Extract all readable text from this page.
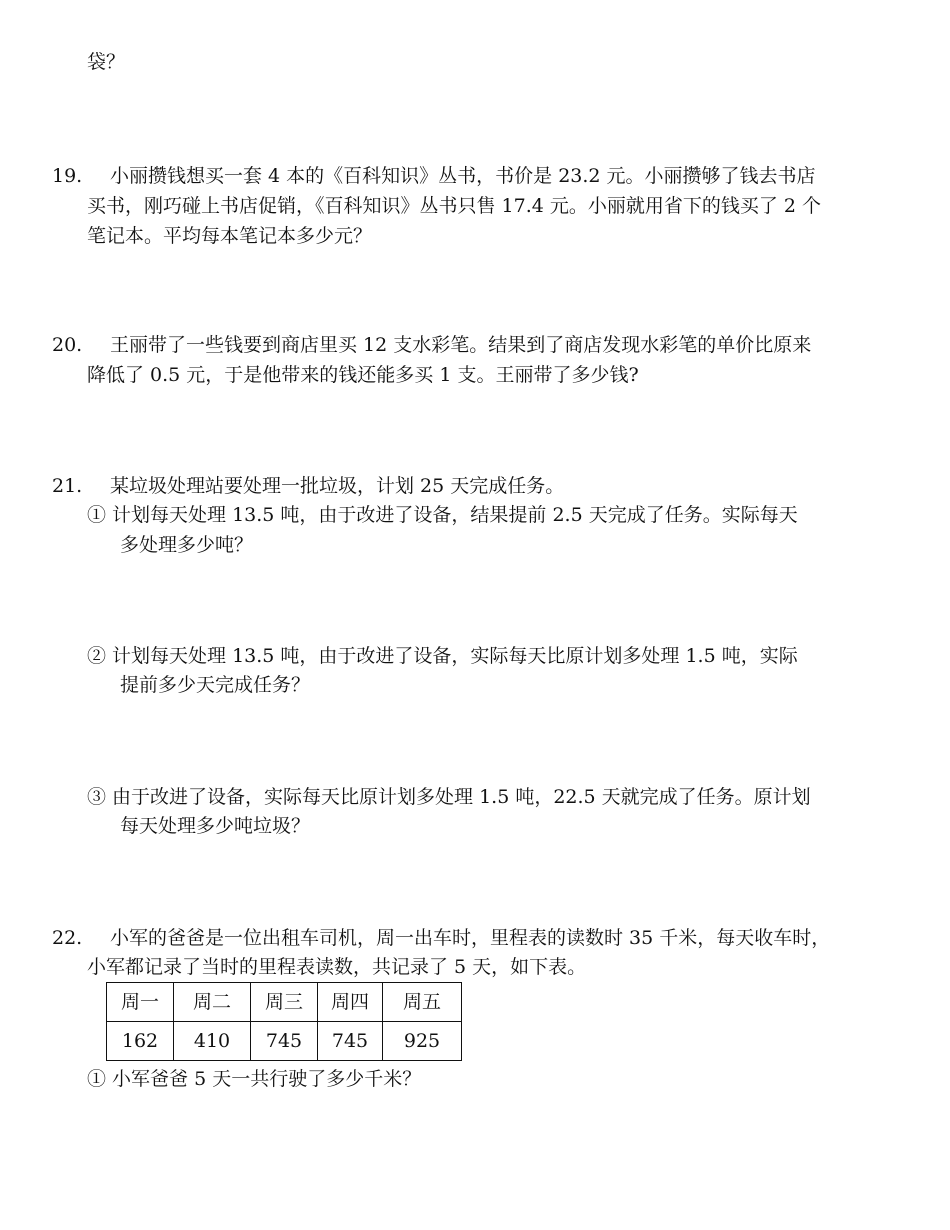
袋？
19. 小丽攒钱想买一套 4 本的《百科知识》丛书，书价是 23.2 元。小丽攒够了钱去书店
买书，刚巧碰上书店促销，《百科知识》丛书只售 17.4 元。小丽就用省下的钱买了 2 个
笔记本。平均每本笔记本多少元？
20. 王丽带了一些钱要到商店里买 12 支水彩笔。结果到了商店发现水彩笔的单价比原来
降低了 0.5 元，于是他带来的钱还能多买 1 支。王丽带了多少钱?
21. 某垃圾处理站要处理一批垃圾，计划 25 天完成任务。
① 计划每天处理 13.5 吨，由于改进了设备，结果提前 2.5 天完成了任务。实际每天
多处理多少吨？
② 计划每天处理 13.5 吨，由于改进了设备，实际每天比原计划多处理 1.5 吨，实际
提前多少天完成任务？
③ 由于改进了设备，实际每天比原计划多处理 1.5 吨，22.5 天就完成了任务。原计划
每天处理多少吨垃圾？
22. 小军的爸爸是一位出租车司机，周一出车时，里程表的读数时 35 千米，每天收车时，
小军都记录了当时的里程表读数，共记录了 5 天，如下表。
周一	周二	周三	周四	周五
162	410	745	745	925
① 小军爸爸 5 天一共行驶了多少千米？
